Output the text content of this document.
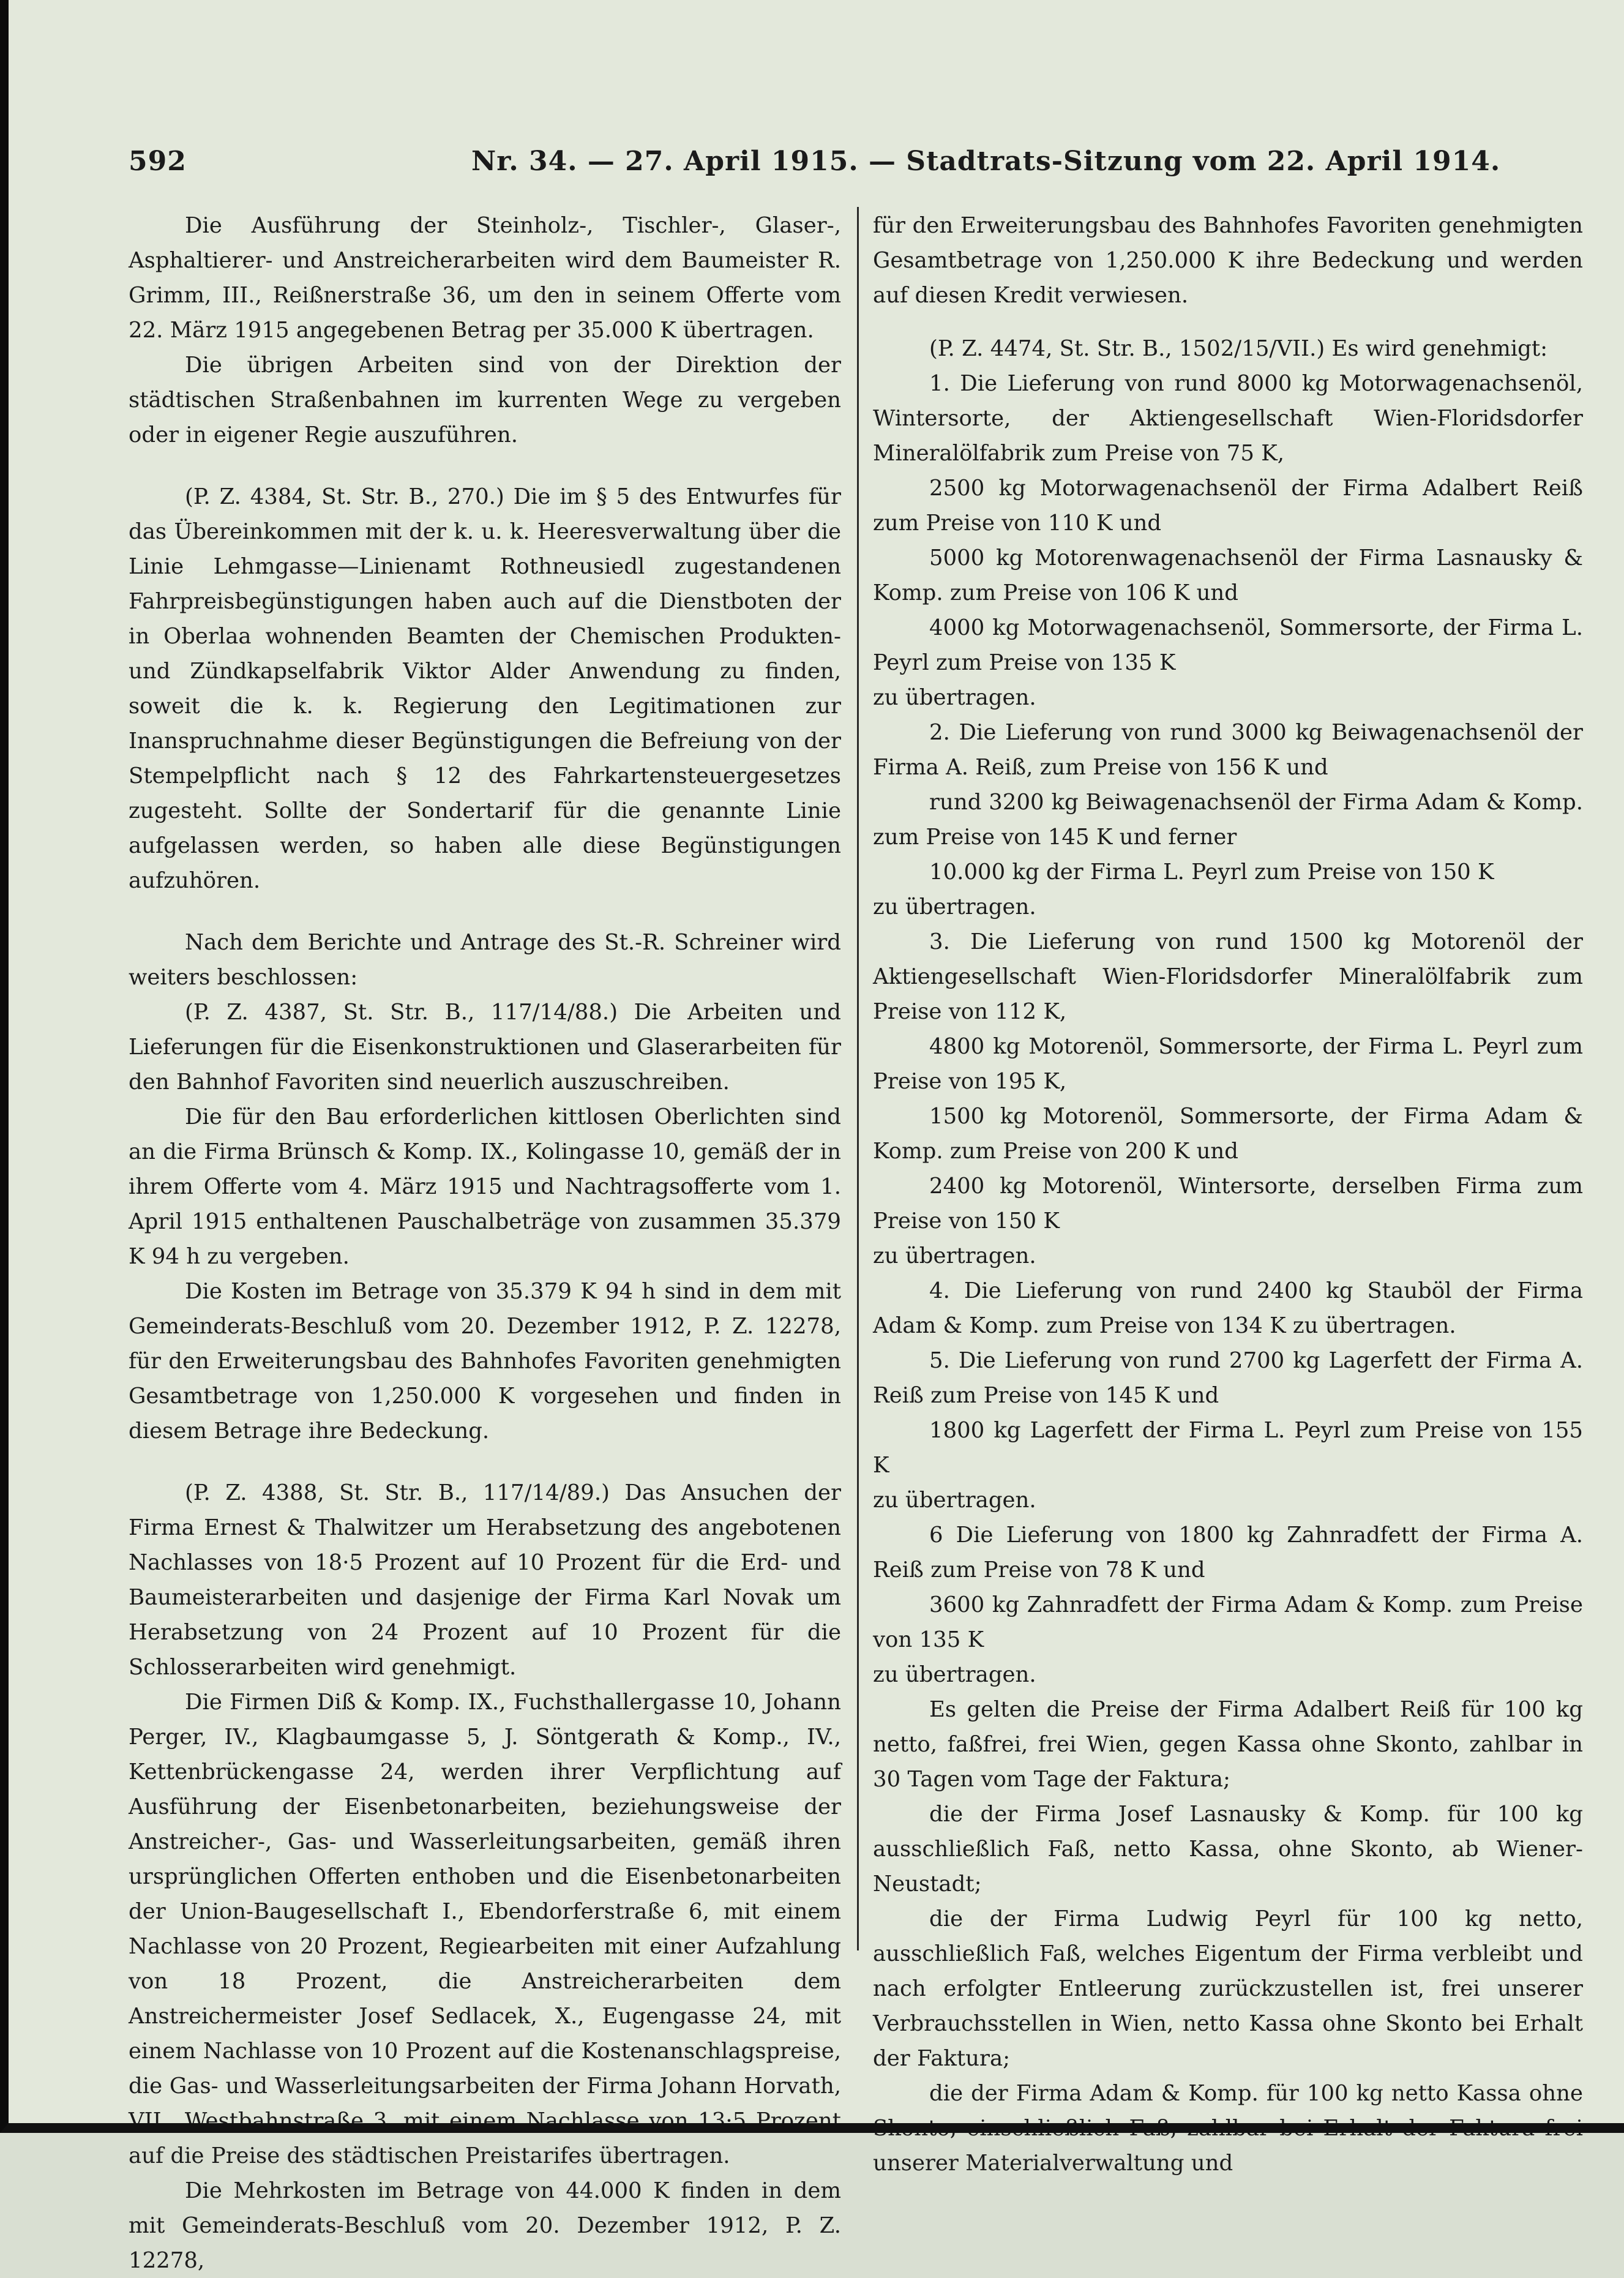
592	Nr. 34. — 27. April 1915. — Stadtrats-Sitzung vom 22. April 1914.

Die Ausführung der Steinholz-, Tischler-, Glaser-, Asphaltierer- und Anstreicherarbeiten wird dem Baumeister R. Grimm, III., Reißnerstraße 36, um den in seinem Offerte vom 22. März 1915 angegebenen Betrag per 35.000 K übertragen.

Die übrigen Arbeiten sind von der Direktion der städtischen Straßenbahnen im kurrenten Wege zu vergeben oder in eigener Regie auszuführen.

(P. Z. 4384, St. Str. B., 270.) Die im § 5 des Entwurfes für das Übereinkommen mit der k. u. k. Heeresverwaltung über die Linie Lehmgasse—Linienamt Rothneusiedl zugestandenen Fahrpreisbegünstigungen haben auch auf die Dienstboten der in Oberlaa wohnenden Beamten der Chemischen Produkten- und Zündkapselfabrik Viktor Alder Anwendung zu finden, soweit die k. k. Regierung den Legitimationen zur Inanspruchnahme dieser Begünstigungen die Befreiung von der Stempelpflicht nach § 12 des Fahrkartensteuergesetzes zugesteht. Sollte der Sondertarif für die genannte Linie aufgelassen werden, so haben alle diese Begünstigungen aufzuhören.

Nach dem Berichte und Antrage des St.-R. Schreiner wird weiters beschlossen:

(P. Z. 4387, St. Str. B., 117/14/88.) Die Arbeiten und Lieferungen für die Eisenkonstruktionen und Glaserarbeiten für den Bahnhof Favoriten sind neuerlich auszuschreiben.

Die für den Bau erforderlichen kittlosen Oberlichten sind an die Firma Brünsch & Komp. IX., Kolingasse 10, gemäß der in ihrem Offerte vom 4. März 1915 und Nachtragsofferte vom 1. April 1915 enthaltenen Pauschalbeträge von zusammen 35.379 K 94 h zu vergeben.

Die Kosten im Betrage von 35.379 K 94 h sind in dem mit Gemeinderats-Beschluß vom 20. Dezember 1912, P. Z. 12278, für den Erweiterungsbau des Bahnhofes Favoriten genehmigten Gesamtbetrage von 1,250.000 K vorgesehen und finden in diesem Betrage ihre Bedeckung.

(P. Z. 4388, St. Str. B., 117/14/89.) Das Ansuchen der Firma Ernest & Thalwitzer um Herabsetzung des angebotenen Nachlasses von 18·5 Prozent auf 10 Prozent für die Erd- und Baumeisterarbeiten und dasjenige der Firma Karl Novak um Herabsetzung von 24 Prozent auf 10 Prozent für die Schlosserarbeiten wird genehmigt.

Die Firmen Diß & Komp. IX., Fuchsthallergasse 10, Johann Perger, IV., Klagbaumgasse 5, J. Söntgerath & Komp., IV., Kettenbrückengasse 24, werden ihrer Verpflichtung auf Ausführung der Eisenbetonarbeiten, beziehungsweise der Anstreicher-, Gas- und Wasserleitungsarbeiten, gemäß ihren ursprünglichen Offerten enthoben und die Eisenbetonarbeiten der Union-Baugesellschaft I., Ebendorferstraße 6, mit einem Nachlasse von 20 Prozent, Regiearbeiten mit einer Aufzahlung von 18 Prozent, die Anstreicherarbeiten dem Anstreichermeister Josef Sedlacek, X., Eugengasse 24, mit einem Nachlasse von 10 Prozent auf die Kostenanschlagspreise, die Gas- und Wasserleitungsarbeiten der Firma Johann Horvath, VII., Westbahnstraße 3, mit einem Nachlasse von 13·5 Prozent auf die Preise des städtischen Preistarifes übertragen.

Die Mehrkosten im Betrage von 44.000 K finden in dem mit Gemeinderats-Beschluß vom 20. Dezember 1912, P. Z. 12278,

für den Erweiterungsbau des Bahnhofes Favoriten genehmigten Gesamtbetrage von 1,250.000 K ihre Bedeckung und werden auf diesen Kredit verwiesen.

(P. Z. 4474, St. Str. B., 1502/15/VII.) Es wird genehmigt:

1. Die Lieferung von rund 8000 kg Motorwagenachsenöl, Wintersorte, der Aktiengesellschaft Wien-Floridsdorfer Mineralölfabrik zum Preise von 75 K,

2500 kg Motorwagenachsenöl der Firma Adalbert Reiß zum Preise von 110 K und

5000 kg Motorenwagenachsenöl der Firma Lasnausky & Komp. zum Preise von 106 K und

4000 kg Motorwagenachsenöl, Sommersorte, der Firma L. Peyrl zum Preise von 135 K

zu übertragen.

2. Die Lieferung von rund 3000 kg Beiwagenachsenöl der Firma A. Reiß, zum Preise von 156 K und

rund 3200 kg Beiwagenachsenöl der Firma Adam & Komp. zum Preise von 145 K und ferner

10.000 kg der Firma L. Peyrl zum Preise von 150 K

zu übertragen.

3. Die Lieferung von rund 1500 kg Motorenöl der Aktiengesellschaft Wien-Floridsdorfer Mineralölfabrik zum Preise von 112 K,

4800 kg Motorenöl, Sommersorte, der Firma L. Peyrl zum Preise von 195 K,

1500 kg Motorenöl, Sommersorte, der Firma Adam & Komp. zum Preise von 200 K und

2400 kg Motorenöl, Wintersorte, derselben Firma zum Preise von 150 K

zu übertragen.

4. Die Lieferung von rund 2400 kg Stauböl der Firma Adam & Komp. zum Preise von 134 K zu übertragen.

5. Die Lieferung von rund 2700 kg Lagerfett der Firma A. Reiß zum Preise von 145 K und

1800 kg Lagerfett der Firma L. Peyrl zum Preise von 155 K

zu übertragen.

6 Die Lieferung von 1800 kg Zahnradfett der Firma A. Reiß zum Preise von 78 K und

3600 kg Zahnradfett der Firma Adam & Komp. zum Preise von 135 K

zu übertragen.

Es gelten die Preise der Firma Adalbert Reiß für 100 kg netto, faßfrei, frei Wien, gegen Kassa ohne Skonto, zahlbar in 30 Tagen vom Tage der Faktura;

die der Firma Josef Lasnausky & Komp. für 100 kg ausschließlich Faß, netto Kassa, ohne Skonto, ab Wiener-Neustadt;

die der Firma Ludwig Peyrl für 100 kg netto, ausschließlich Faß, welches Eigentum der Firma verbleibt und nach erfolgter Entleerung zurückzustellen ist, frei unserer Verbrauchsstellen in Wien, netto Kassa ohne Skonto bei Erhalt der Faktura;

die der Firma Adam & Komp. für 100 kg netto Kassa ohne Skonto, einschließlich Faß, zahlbar bei Erhalt der Faktura frei unserer Materialverwaltung und
